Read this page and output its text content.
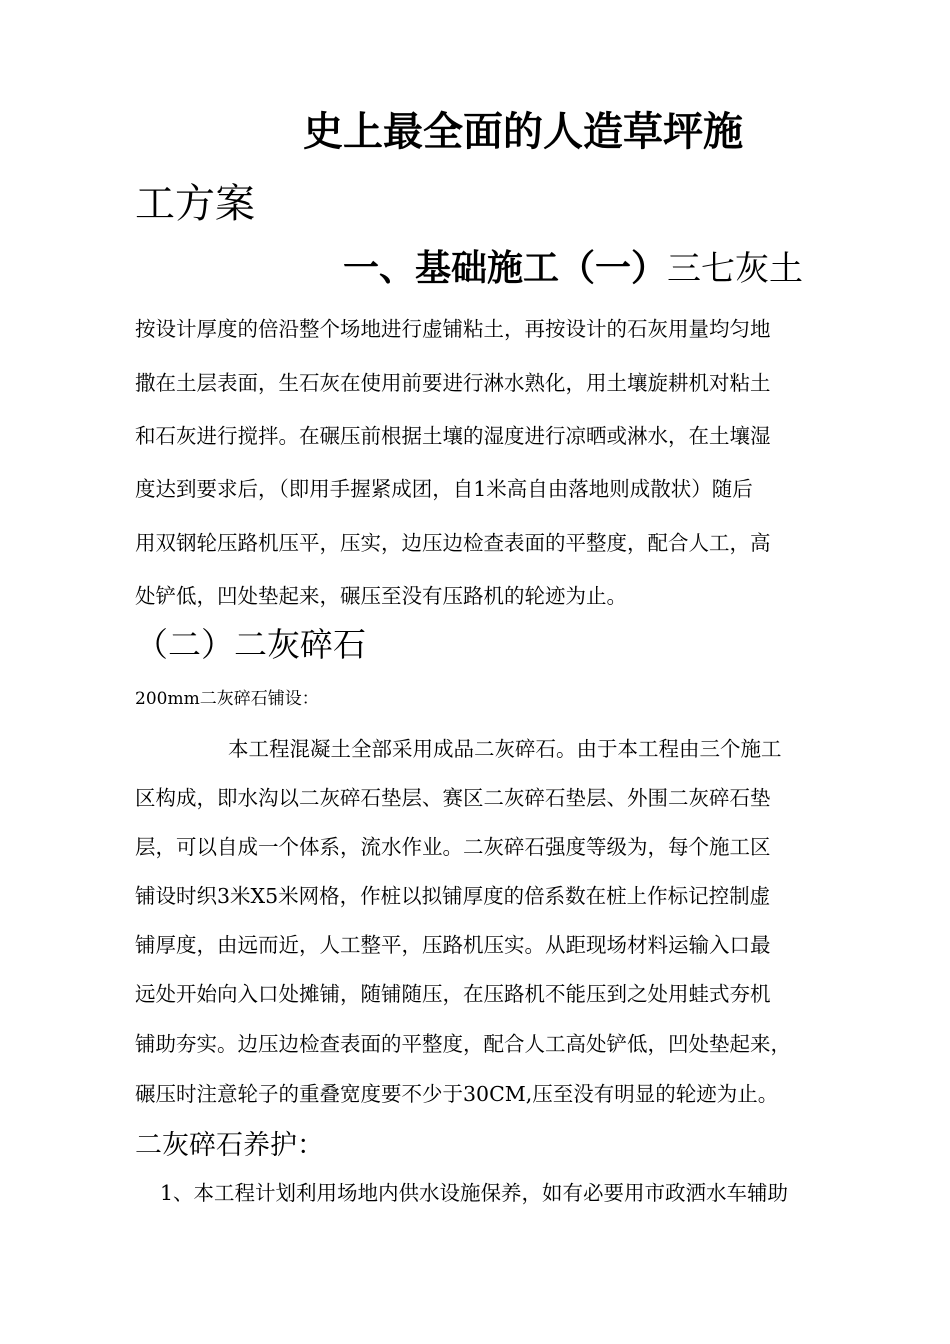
史上最全面的人造草坪施
工方案
一、基础施工（一）三七灰土
按设计厚度的倍沿整个场地进行虚铺粘土，再按设计的石灰用量均匀地
撒在土层表面，生石灰在使用前要进行淋水熟化，用土壤旋耕机对粘土
和石灰进行搅拌。在碾压前根据土壤的湿度进行凉晒或淋水，在土壤湿
度达到要求后，（即用手握紧成团，自1米高自由落地则成散状）随后
用双钢轮压路机压平，压实，边压边检查表面的平整度，配合人工，高
处铲低，凹处垫起来，碾压至没有压路机的轮迹为止。
（二）二灰碎石
200mm二灰碎石铺设：
本工程混凝土全部采用成品二灰碎石。由于本工程由三个施工
区构成，即水沟以二灰碎石垫层、赛区二灰碎石垫层、外围二灰碎石垫
层，可以自成一个体系，流水作业。二灰碎石强度等级为，每个施工区
铺设时织3米X5米网格，作桩以拟铺厚度的倍系数在桩上作标记控制虚
铺厚度，由远而近，人工整平，压路机压实。从距现场材料运输入口最
远处开始向入口处摊铺，随铺随压，在压路机不能压到之处用蛙式夯机
铺助夯实。边压边检查表面的平整度，配合人工高处铲低，凹处垫起来，
碾压时注意轮子的重叠宽度要不少于30CM,压至没有明显的轮迹为止。
二灰碎石养护：
1、本工程计划利用场地内供水设施保养，如有必要用市政洒水车辅助
